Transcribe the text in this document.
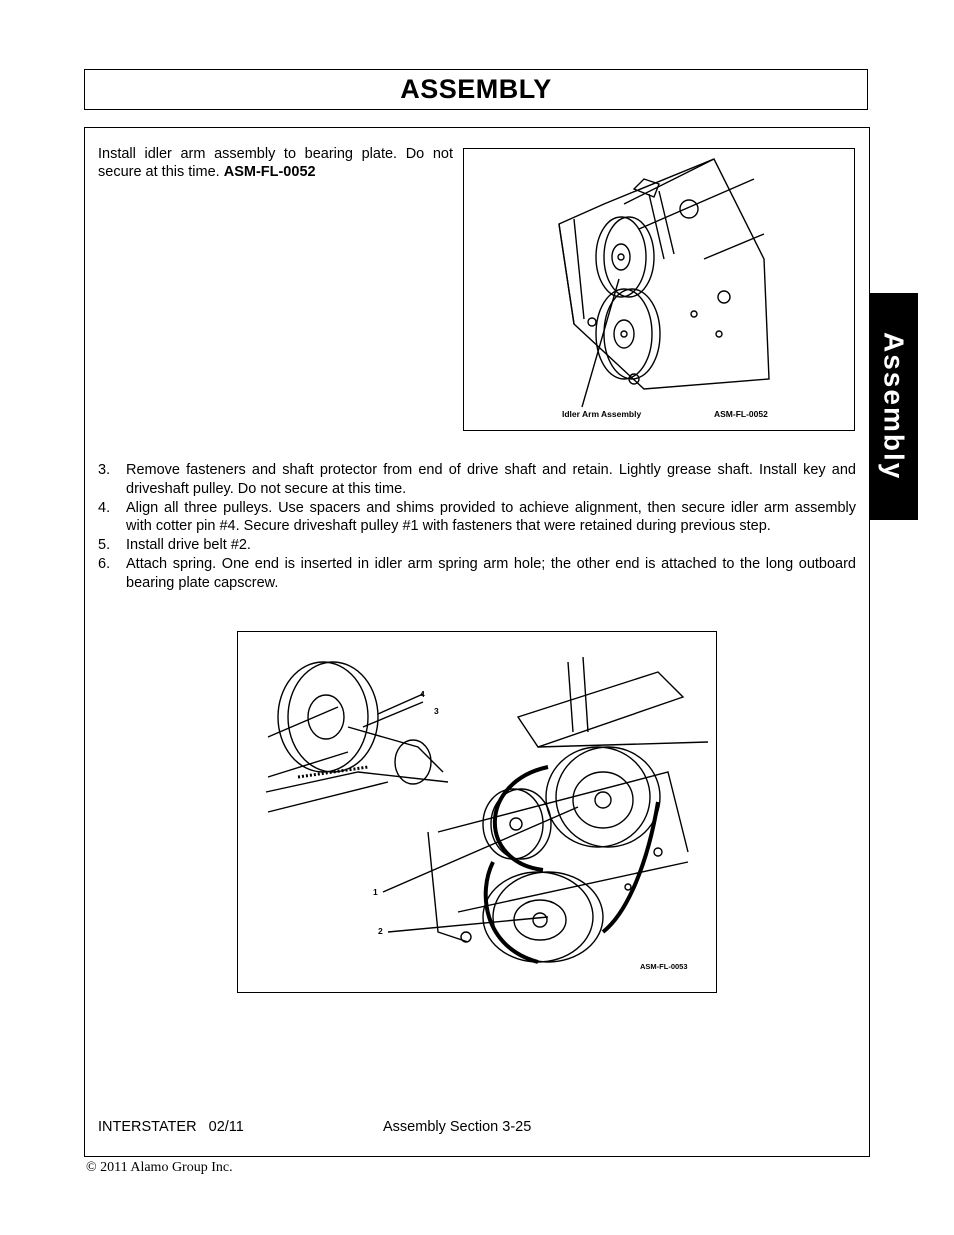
ASSEMBLY
Assembly
Install idler arm assembly to bearing plate. Do not secure at this time. ASM-FL-0052
Idler Arm Assembly	ASM-FL-0052
3. Remove fasteners and shaft protector from end of drive shaft and retain. Lightly grease shaft. Install key and driveshaft pulley. Do not secure at this time.
4. Align all three pulleys. Use spacers and shims provided to achieve alignment, then secure idler arm assembly with cotter pin #4. Secure driveshaft pulley #1 with fasteners that were retained during previous step.
5. Install drive belt #2.
6. Attach spring. One end is inserted in idler arm spring arm hole; the other end is attached to the long outboard bearing plate capscrew.
1
2
3
4
ASM-FL-0053
INTERSTATER   02/11	Assembly Section 3-25
© 2011 Alamo Group Inc.
